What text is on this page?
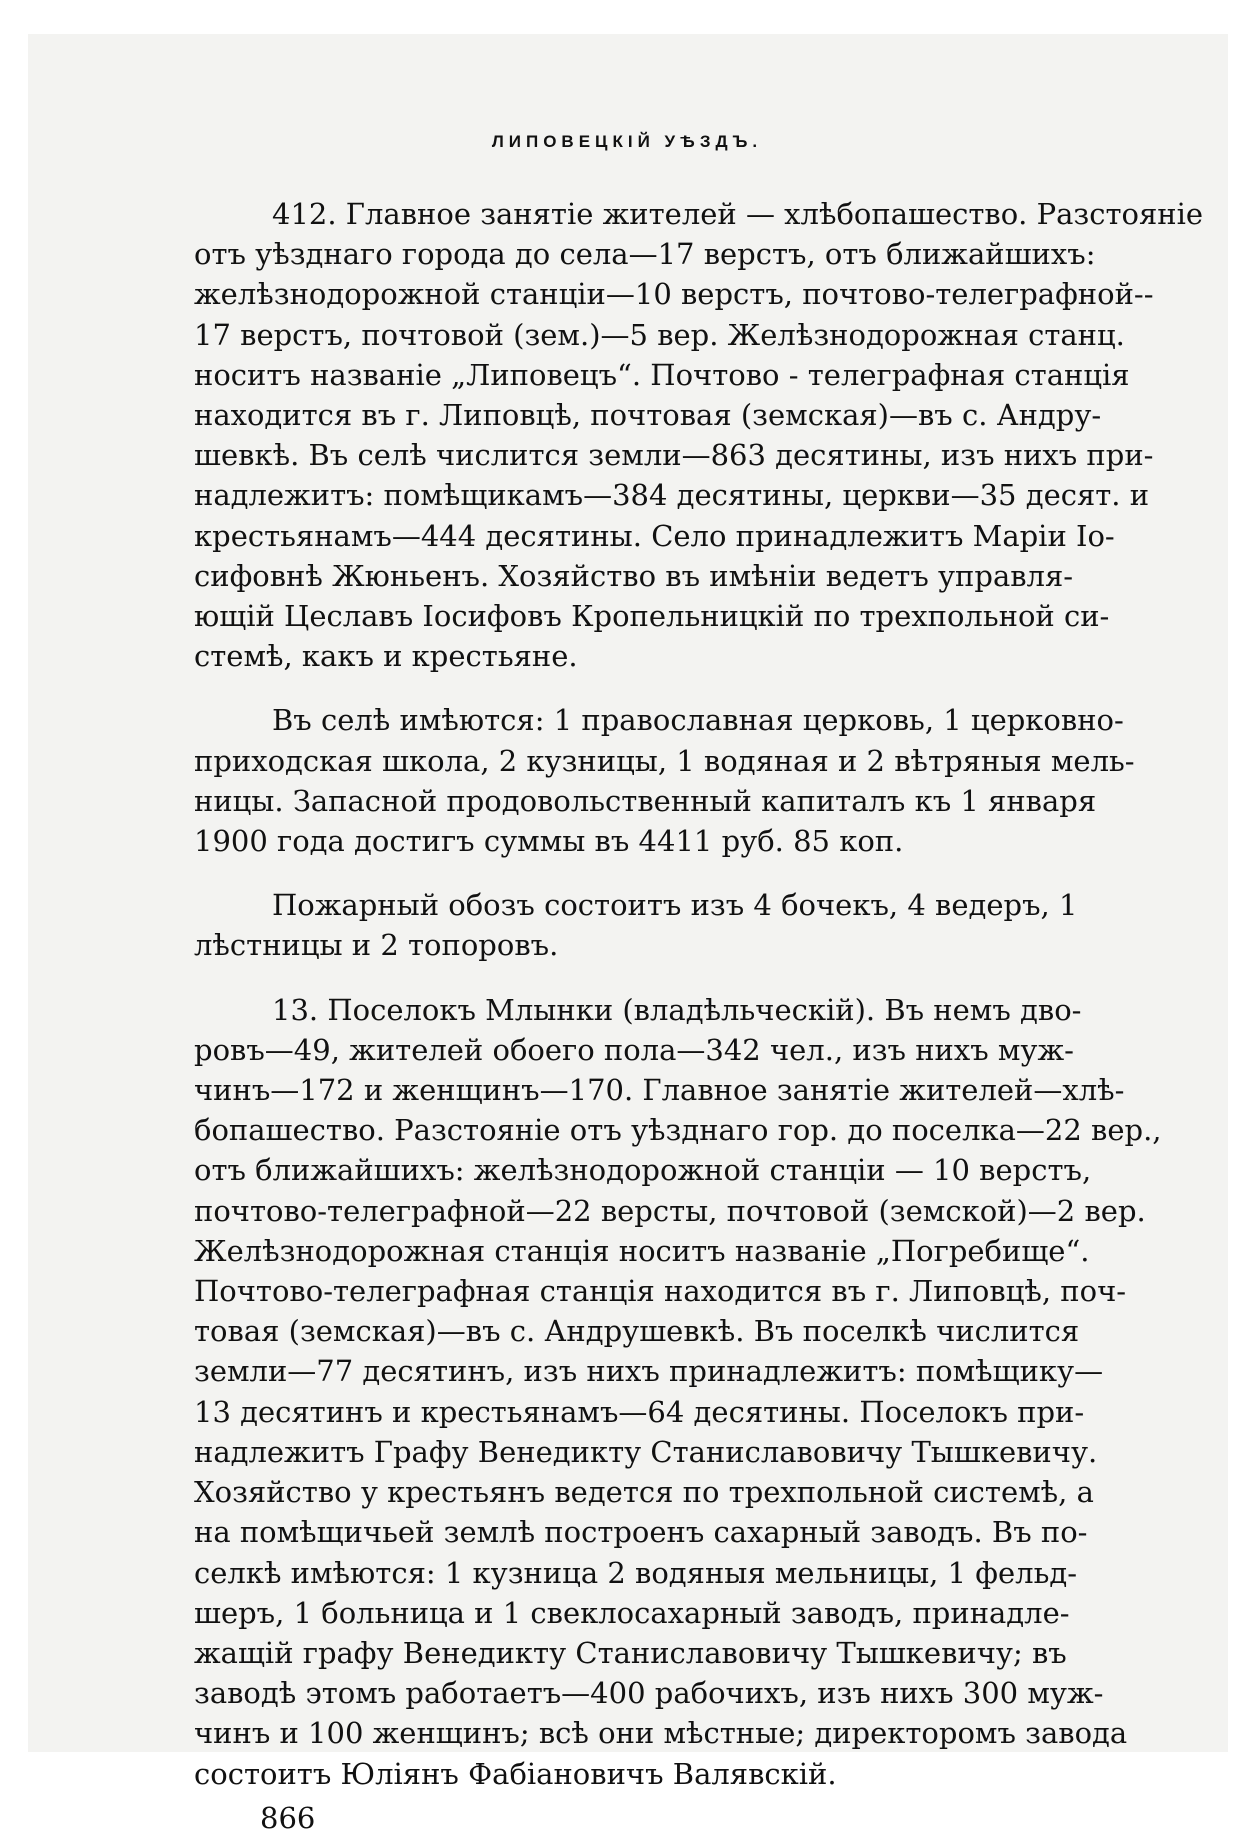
ЛИПОВЕЦКІЙ УѢЗДЪ.
412. Главное занятіе жителей — хлѣбопашество. Разстояніе
отъ уѣзднаго города до села—17 верстъ, отъ ближайшихъ:
желѣзнодорожной станціи—10 верстъ, почтово-телеграфной--
17 верстъ, почтовой (зем.)—5 вер. Желѣзнодорожная станц.
носитъ названіе „Липовецъ“. Почтово - телеграфная станція
находится въ г. Липовцѣ, почтовая (земская)—въ с. Андру-
шевкѣ. Въ селѣ числится земли—863 десятины, изъ нихъ при-
надлежитъ: помѣщикамъ—384 десятины, церкви—35 десят. и
крестьянамъ—444 десятины. Село принадлежитъ Маріи Іо-
сифовнѣ Жюньенъ. Хозяйство въ имѣніи ведетъ управля-
ющій Цеславъ Іосифовъ Кропельницкій по трехпольной си-
стемѣ, какъ и крестьяне.
Въ селѣ имѣются: 1 православная церковь, 1 церковно-
приходская школа, 2 кузницы, 1 водяная и 2 вѣтряныя мель-
ницы. Запасной продовольственный капиталъ къ 1 января
1900 года достигъ суммы въ 4411 руб. 85 коп.
Пожарный обозъ состоитъ изъ 4 бочекъ, 4 ведеръ, 1
лѣстницы и 2 топоровъ.
13. Поселокъ Млынки (владѣльческій). Въ немъ дво-
ровъ—49, жителей обоего пола—342 чел., изъ нихъ муж-
чинъ—172 и женщинъ—170. Главное занятіе жителей—хлѣ-
бопашество. Разстояніе отъ уѣзднаго гор. до поселка—22 вер.,
отъ ближайшихъ: желѣзнодорожной станціи — 10 верстъ,
почтово-телеграфной—22 версты, почтовой (земской)—2 вер.
Желѣзнодорожная станція носитъ названіе „Погребище“.
Почтово-телеграфная станція находится въ г. Липовцѣ, поч-
товая (земская)—въ с. Андрушевкѣ. Въ поселкѣ числится
земли—77 десятинъ, изъ нихъ принадлежитъ: помѣщику—
13 десятинъ и крестьянамъ—64 десятины. Поселокъ при-
надлежитъ Графу Венедикту Станиславовичу Тышкевичу.
Хозяйство у крестьянъ ведется по трехпольной системѣ, а
на помѣщичьей землѣ построенъ сахарный заводъ. Въ по-
селкѣ имѣются: 1 кузница 2 водяныя мельницы, 1 фельд-
шеръ, 1 больница и 1 свеклосахарный заводъ, принадле-
жащій графу Венедикту Станиславовичу Тышкевичу; въ
заводѣ этомъ работаетъ—400 рабочихъ, изъ нихъ 300 муж-
чинъ и 100 женщинъ; всѣ они мѣстные; директоромъ завода
состоитъ Юліянъ Фабіановичъ Валявскій.
866
